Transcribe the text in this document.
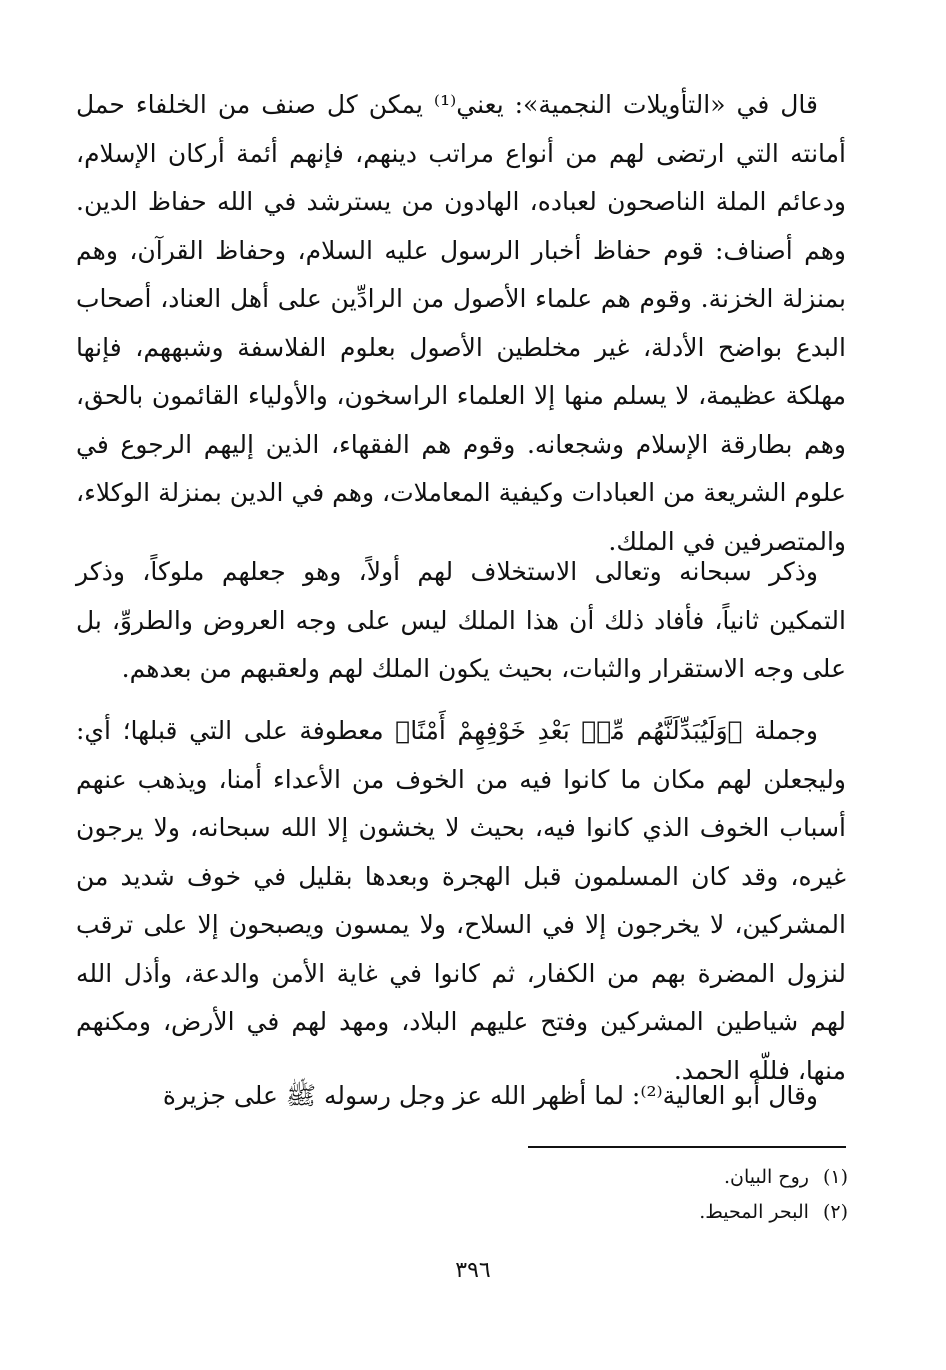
قال في «التأويلات النجمية»: يعني⁽¹⁾ يمكن كل صنف من الخلفاء حمل أمانته التي ارتضى لهم من أنواع مراتب دينهم، فإنهم أئمة أركان الإسلام، ودعائم الملة الناصحون لعباده، الهادون من يسترشد في الله حفاظ الدين. وهم أصناف: قوم حفاظ أخبار الرسول عليه السلام، وحفاظ القرآن، وهم بمنزلة الخزنة. وقوم هم علماء الأصول من الرادِّين على أهل العناد، أصحاب البدع بواضح الأدلة، غير مخلطين الأصول بعلوم الفلاسفة وشبههم، فإنها مهلكة عظيمة، لا يسلم منها إلا العلماء الراسخون، والأولياء القائمون بالحق، وهم بطارقة الإسلام وشجعانه. وقوم هم الفقهاء، الذين إليهم الرجوع في علوم الشريعة من العبادات وكيفية المعاملات، وهم في الدين بمنزلة الوكلاء، والمتصرفين في الملك.

وذكر سبحانه وتعالى الاستخلاف لهم أولاً، وهو جعلهم ملوكاً، وذكر التمكين ثانياً، فأفاد ذلك أن هذا الملك ليس على وجه العروض والطروِّ، بل على وجه الاستقرار والثبات، بحيث يكون الملك لهم ولعقبهم من بعدهم.

وجملة ﴿وَلَيُبَدِّلَنَّهُم مِّنۢ بَعْدِ خَوْفِهِمْ أَمْنًا﴾ معطوفة على التي قبلها؛ أي: وليجعلن لهم مكان ما كانوا فيه من الخوف من الأعداء أمنا، ويذهب عنهم أسباب الخوف الذي كانوا فيه، بحيث لا يخشون إلا الله سبحانه، ولا يرجون غيره، وقد كان المسلمون قبل الهجرة وبعدها بقليل في خوف شديد من المشركين، لا يخرجون إلا في السلاح، ولا يمسون ويصبحون إلا على ترقب لنزول المضرة بهم من الكفار، ثم كانوا في غاية الأمن والدعة، وأذل الله لهم شياطين المشركين وفتح عليهم البلاد، ومهد لهم في الأرض، ومكنهم منها، فللّه الحمد.

وقال أبو العالية⁽²⁾: لما أظهر الله عز وجل رسوله ﷺ على جزيرة

(١)روح البيان.
(٢)البحر المحيط.
٣٩٦
